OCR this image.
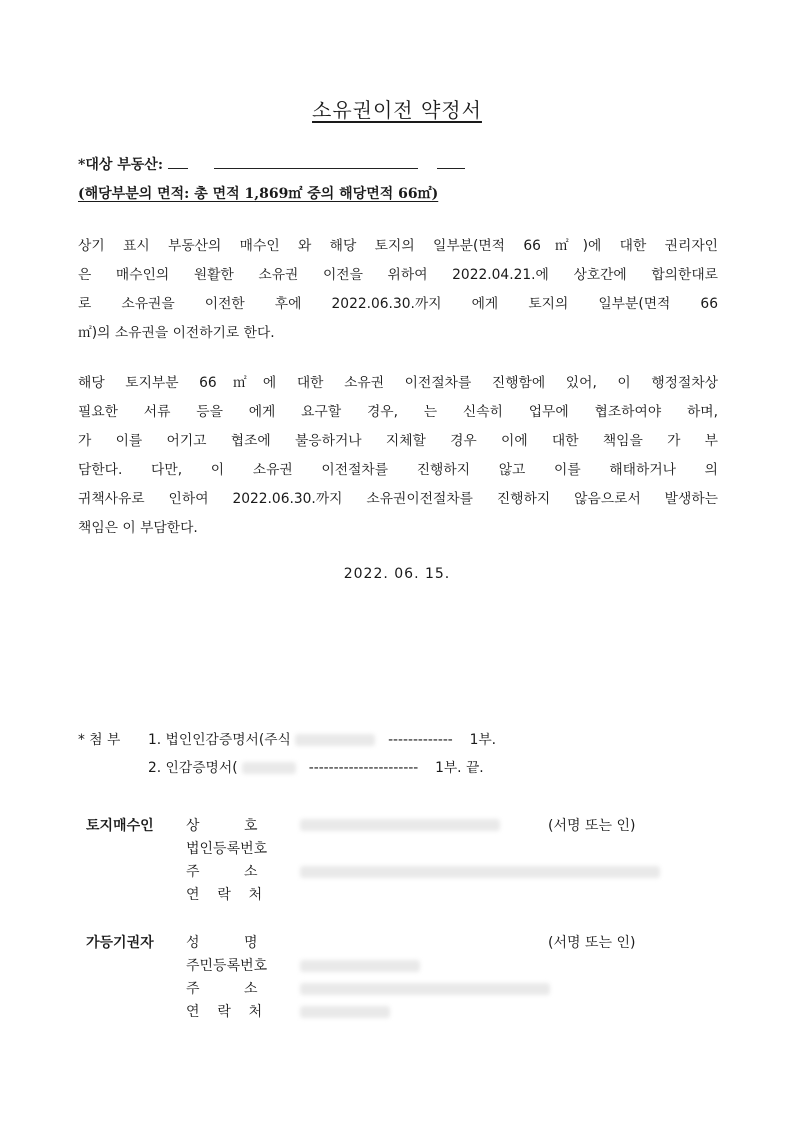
소유권이전 약정서
*대상 부동산:
(해당부분의 면적: 총 면적 1,869㎡ 중의 해당면적 66㎡)
상기 표시 부동산의 매수인 와 해당 토지의 일부분(면적 66㎡)에 대한 권리자인
은 매수인의 원활한 소유권 이전을 위하여 2022.04.21.에 상호간에 합의한대로
로 소유권을 이전한 후에 2022.06.30.까지 에게 토지의 일부분(면적 66
㎡)의 소유권을 이전하기로 한다.
해당 토지부분 66㎡에 대한 소유권 이전절차를 진행함에 있어, 이 행정절차상
필요한 서류 등을 에게 요구할 경우, 는 신속히 업무에 협조하여야 하며,
가 이를 어기고 협조에 불응하거나 지체할 경우 이에 대한 책임을 가 부
담한다. 다만, 이 소유권 이전절차를 진행하지 않고 이를 해태하거나 의
귀책사유로 인하여 2022.06.30.까지 소유권이전절차를 진행하지 않음으로서 발생하는
책임은 이 부담한다.
2022. 06. 15.
* 첨 부 1. 법인인감증명서(주식	------------- 1부.
2. 인감증명서(	---------------------- 1부. 끝.
토지매수인 상          호
법인등록번호
주          소
연    락    처
(서명 또는 인)
가등기권자 성          명
주민등록번호
주          소
연    락    처
(서명 또는 인)
